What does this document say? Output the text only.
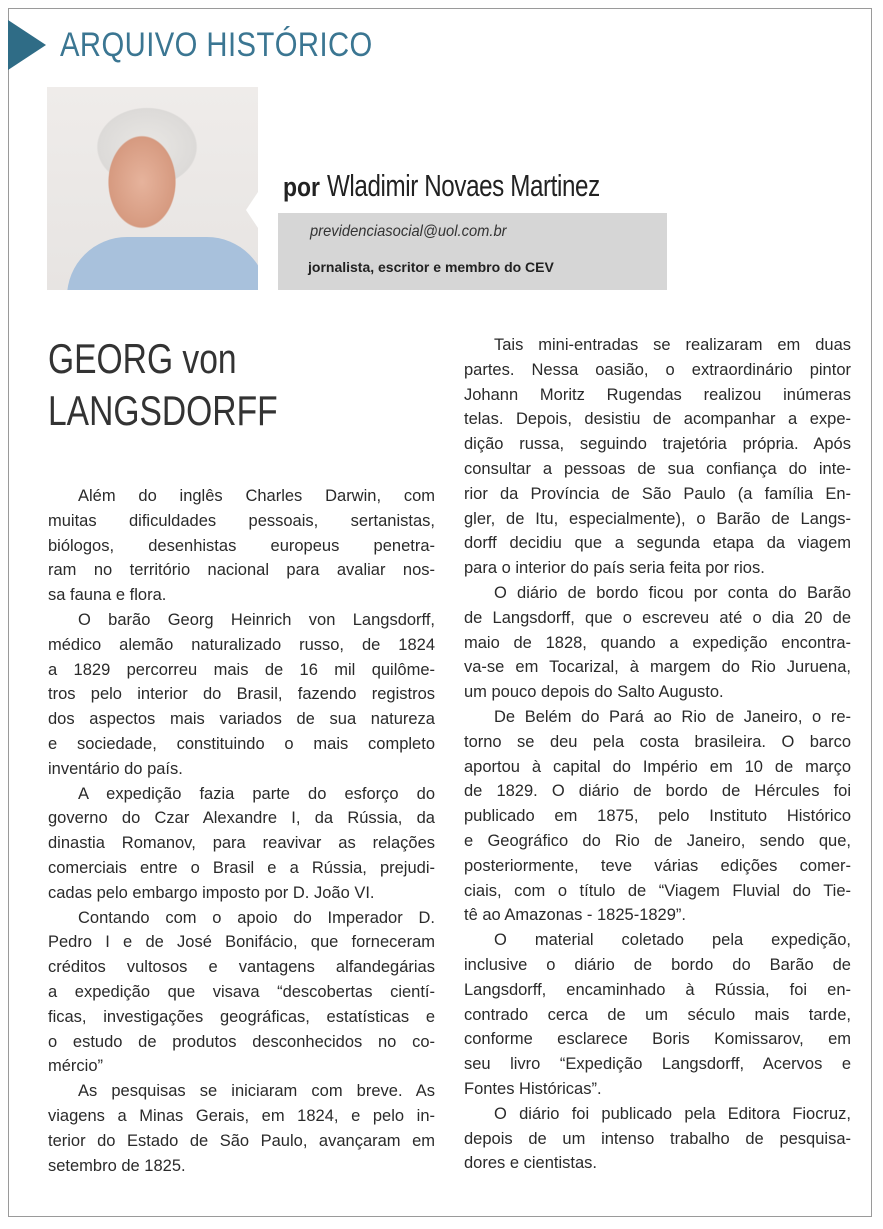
ARQUIVO HISTÓRICO
por Wladimir Novaes Martinez
previdenciasocial@uol.com.br
jornalista, escritor e membro do CEV
GEORG von
LANGSDORFF
Além do inglês Charles Darwin, com
muitas dificuldades pessoais, sertanistas,
biólogos, desenhistas europeus penetra-
ram no território nacional para avaliar nos-
sa fauna e flora.
O barão Georg Heinrich von Langsdorff,
médico alemão naturalizado russo, de 1824
a 1829 percorreu mais de 16 mil quilôme-
tros pelo interior do Brasil, fazendo registros
dos aspectos mais variados de sua natureza
e sociedade, constituindo o mais completo
inventário do país.
A expedição fazia parte do esforço do
governo do Czar Alexandre I, da Rússia, da
dinastia Romanov, para reavivar as relações
comerciais entre o Brasil e a Rússia, prejudi-
cadas pelo embargo imposto por D. João VI.
Contando com o apoio do Imperador D.
Pedro I e de José Bonifácio, que forneceram
créditos vultosos e vantagens alfandegárias
a expedição que visava “descobertas cientí-
ficas, investigações geográficas, estatísticas e
o estudo de produtos desconhecidos no co-
mércio”
As pesquisas se iniciaram com breve. As
viagens a Minas Gerais, em 1824, e pelo in-
terior do Estado de São Paulo, avançaram em
setembro de 1825.
Tais mini-entradas se realizaram em duas
partes. Nessa oasião, o extraordinário pintor
Johann Moritz Rugendas realizou inúmeras
telas. Depois, desistiu de acompanhar a expe-
dição russa, seguindo trajetória própria. Após
consultar a pessoas de sua confiança do inte-
rior da Província de São Paulo (a família En-
gler, de Itu, especialmente), o Barão de Langs-
dorff decidiu que a segunda etapa da viagem
para o interior do país seria feita por rios.
O diário de bordo ficou por conta do Barão
de Langsdorff, que o escreveu até o dia 20 de
maio de 1828, quando a expedição encontra-
va-se em Tocarizal, à margem do Rio Juruena,
um pouco depois do Salto Augusto.
De Belém do Pará ao Rio de Janeiro, o re-
torno se deu pela costa brasileira. O barco
aportou à capital do Império em 10 de março
de 1829. O diário de bordo de Hércules foi
publicado em 1875, pelo Instituto Histórico
e Geográfico do Rio de Janeiro, sendo que,
posteriormente, teve várias edições comer-
ciais, com o título de “Viagem Fluvial do Tie-
tê ao Amazonas - 1825-1829”.
O material coletado pela expedição,
inclusive o diário de bordo do Barão de
Langsdorff, encaminhado à Rússia, foi en-
contrado cerca de um século mais tarde,
conforme esclarece Boris Komissarov, em
seu livro “Expedição Langsdorff, Acervos e
Fontes Históricas”.
O diário foi publicado pela Editora Fiocruz,
depois de um intenso trabalho de pesquisa-
dores e cientistas.
